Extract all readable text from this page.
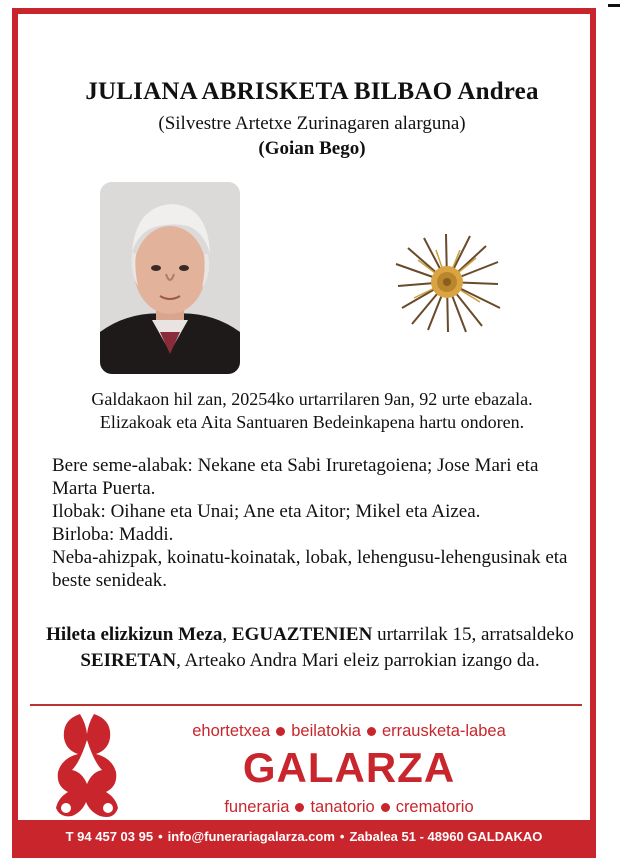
JULIANA ABRISKETA BILBAO Andrea
(Silvestre Artetxe Zurinagaren alarguna)
(Goian Bego)
Galdakaon hil zan, 20254ko urtarrilaren 9an, 92 urte ebazala.
Elizakoak eta Aita Santuaren Bedeinkapena hartu ondoren.

Bere seme-alabak: Nekane eta Sabi Iruretagoiena; Jose Mari eta Marta Puerta.

Ilobak: Oihane eta Unai; Ane eta Aitor; Mikel eta Aizea.

Birloba: Maddi.

Neba-ahizpak, koinatu-koinatak, lobak, lehengusu-lehengusinak eta beste senideak.

Hileta elizkizun Meza, EGUAZTENIEN urtarrilak 15, arratsaldeko SEIRETAN, Arteako Andra Mari eleiz parrokian izango da.
ehortetxea beilatokia errausketa-labea
GALARZA
funeraria tanatorio crematorio
T 94 457 03 95 • info@funerariagalarza.com • Zabalea 51 - 48960 GALDAKAO
